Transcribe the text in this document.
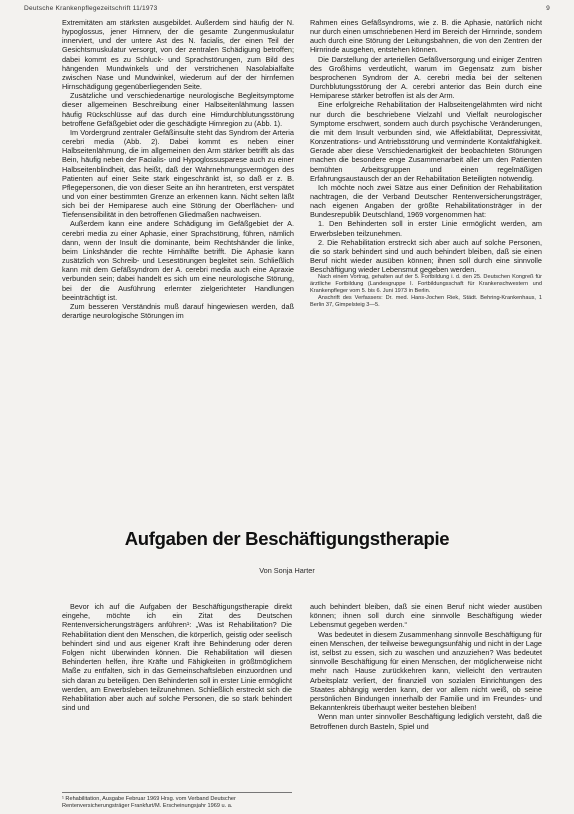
Deutsche Krankenpflegezeitschrift 11/1973	9

Extremitäten am stärksten ausgebildet. Außerdem sind häufig der N. hypoglossus, jener Hirnnerv, der die gesamte Zungenmuskulatur innerviert, und der untere Ast des N. facialis, der einen Teil der Gesichtsmuskulatur versorgt, von der zentralen Schädigung betroffen; dabei kommt es zu Schluck- und Sprachstörungen, zum Bild des hängenden Mundwinkels und der verstrichenen Nasolabialfalte zwischen Nase und Mundwinkel, wiederum auf der der hirnfernen Hirnschädigung gegenüberliegenden Seite.

Zusätzliche und verschiedenartige neurologische Begleitsymptome dieser allgemeinen Beschreibung einer Halbseitenlähmung lassen häufig Rückschlüsse auf das durch eine Hirndurchblutungsstörung betroffene Gefäßgebiet oder die geschädigte Hirnregion zu (Abb. 1).

Im Vordergrund zentraler Gefäßinsulte steht das Syndrom der Arteria cerebri media (Abb. 2). Dabei kommt es neben einer Halbseitenlähmung, die im allgemeinen den Arm stärker betrifft als das Bein, häufig neben der Facialis- und Hypoglossusparese auch zu einer Halbseitenblindheit, das heißt, daß der Wahrnehmungsvermögen des Patienten auf einer Seite stark eingeschränkt ist, so daß er z. B. Pflegepersonen, die von dieser Seite an ihn herantreten, erst verspätet und von einer bestimmten Grenze an erkennen kann. Nicht selten läßt sich bei der Hemiparese auch eine Störung der Oberflächen- und Tiefensensibilität in den betroffenen Gliedmaßen nachweisen.

Außerdem kann eine andere Schädigung im Gefäßgebiet der A. cerebri media zu einer Aphasie, einer Sprachstörung, führen, nämlich dann, wenn der Insult die dominante, beim Rechtshänder die linke, beim Linkshänder die rechte Hirnhälfte betrifft. Die Aphasie kann zusätzlich von Schreib- und Lesestörungen begleitet sein. Schließlich kann mit dem Gefäßsyndrom der A. cerebri media auch eine Apraxie verbunden sein; dabei handelt es sich um eine neurologische Störung, bei der die Ausführung erlernter zielgerichteter Handlungen beeinträchtigt ist.

Zum besseren Verständnis muß darauf hingewiesen werden, daß derartige neurologische Störungen im

Rahmen eines Gefäßsyndroms, wie z. B. die Aphasie, natürlich nicht nur durch einen umschriebenen Herd im Bereich der Hirnrinde, sondern auch durch eine Störung der Leitungsbahnen, die von den Zentren der Hirnrinde ausgehen, entstehen können.

Die Darstellung der arteriellen Gefäßversorgung und einiger Zentren des Großhirns verdeutlicht, warum im Gegensatz zum bisher besprochenen Syndrom der A. cerebri media bei der seltenen Durchblutungsstörung der A. cerebri anterior das Bein durch eine Hemiparese stärker betroffen ist als der Arm.

Eine erfolgreiche Rehabilitation der Halbseitengelähmten wird nicht nur durch die beschriebene Vielzahl und Vielfalt neurologischer Symptome erschwert, sondern auch durch psychische Veränderungen, die mit dem Insult verbunden sind, wie Affektlabilität, Depressivität, Konzentrations- und Antriebsstörung und verminderte Kontaktfähigkeit. Gerade aber diese Verschiedenartigkeit der beobachteten Störungen machen die besondere enge Zusammenarbeit aller um den Patienten bemühten Arbeitsgruppen und einen regelmäßigen Erfahrungsaustausch der an der Rehabilitation Beteiligten notwendig.

Ich möchte noch zwei Sätze aus einer Definition der Rehabilitation nachtragen, die der Verband Deutscher Rentenversicherungsträger, nach eigenen Angaben der größte Rehabilitationsträger in der Bundesrepublik Deutschland, 1969 vorgenommen hat:

1. Den Behinderten soll in erster Linie ermöglicht werden, am Erwerbsleben teilzunehmen.

2. Die Rehabilitation erstreckt sich aber auch auf solche Personen, die so stark behindert sind und auch behindert bleiben, daß sie einen Beruf nicht wieder ausüben können; ihnen soll durch eine sinnvolle Beschäftigung wieder Lebensmut gegeben werden.

Nach einem Vortrag, gehalten auf der 5. Fortbildung i. d. den 25. Deutschen Kongreß für ärztliche Fortbildung (Landesgruppe I. Fortbildungsschaft für Krankenschwestern und Krankenpfleger vom 5. bis 6. Juni 1973 in Berlin.

Anschrift des Verfassers: Dr. med. Hans-Jochen Riek, Städt. Behring-Krankenhaus, 1 Berlin 37, Gimpelsteig 3—5.

Aufgaben der Beschäftigungstherapie
Von Sonja Harter

Bevor ich auf die Aufgaben der Beschäftigungstherapie direkt eingehe, möchte ich ein Zitat des Deutschen Rentenversicherungsträgers anführen¹: „Was ist Rehabilitation? Die Rehabilitation dient den Menschen, die körperlich, geistig oder seelisch behindert sind und aus eigener Kraft ihre Behinderung oder deren Folgen nicht überwinden können. Die Rehabilitation will diesen Behinderten helfen, ihre Kräfte und Fähigkeiten in größtmöglichem Maße zu entfalten, sich in das Gemeinschaftsleben einzuordnen und sich daran zu beteiligen. Den Behinderten soll in erster Linie ermöglicht werden, am Erwerbsleben teilzunehmen. Schließlich erstreckt sich die Rehabilitation aber auch auf solche Personen, die so stark behindert sind und

auch behindert bleiben, daß sie einen Beruf nicht wieder ausüben können; ihnen soll durch eine sinnvolle Beschäftigung wieder Lebensmut gegeben werden.“

Was bedeutet in diesem Zusammenhang sinnvolle Beschäftigung für einen Menschen, der teilweise bewegungsunfähig und nicht in der Lage ist, selbst zu essen, sich zu waschen und anzuziehen? Was bedeutet sinnvolle Beschäftigung für einen Menschen, der möglicherweise nicht mehr nach Hause zurückkehren kann, vielleicht den vertrauten Arbeitsplatz verliert, der finanziell von sozialen Einrichtungen des Staates abhängig werden kann, der vor allem nicht weiß, ob seine persönlichen Bindungen innerhalb der Familie und im Freundes- und Bekanntenkreis überhaupt weiter bestehen bleiben!

Wenn man unter sinnvoller Beschäftigung lediglich versteht, daß die Betroffenen durch Basteln, Spiel und

¹ Rehabilitation, Ausgabe Februar 1969 Hrsg. vom Verband Deutscher Rentenversicherungsträger Frankfurt/M. Erscheinungsjahr 1969 u. a.
